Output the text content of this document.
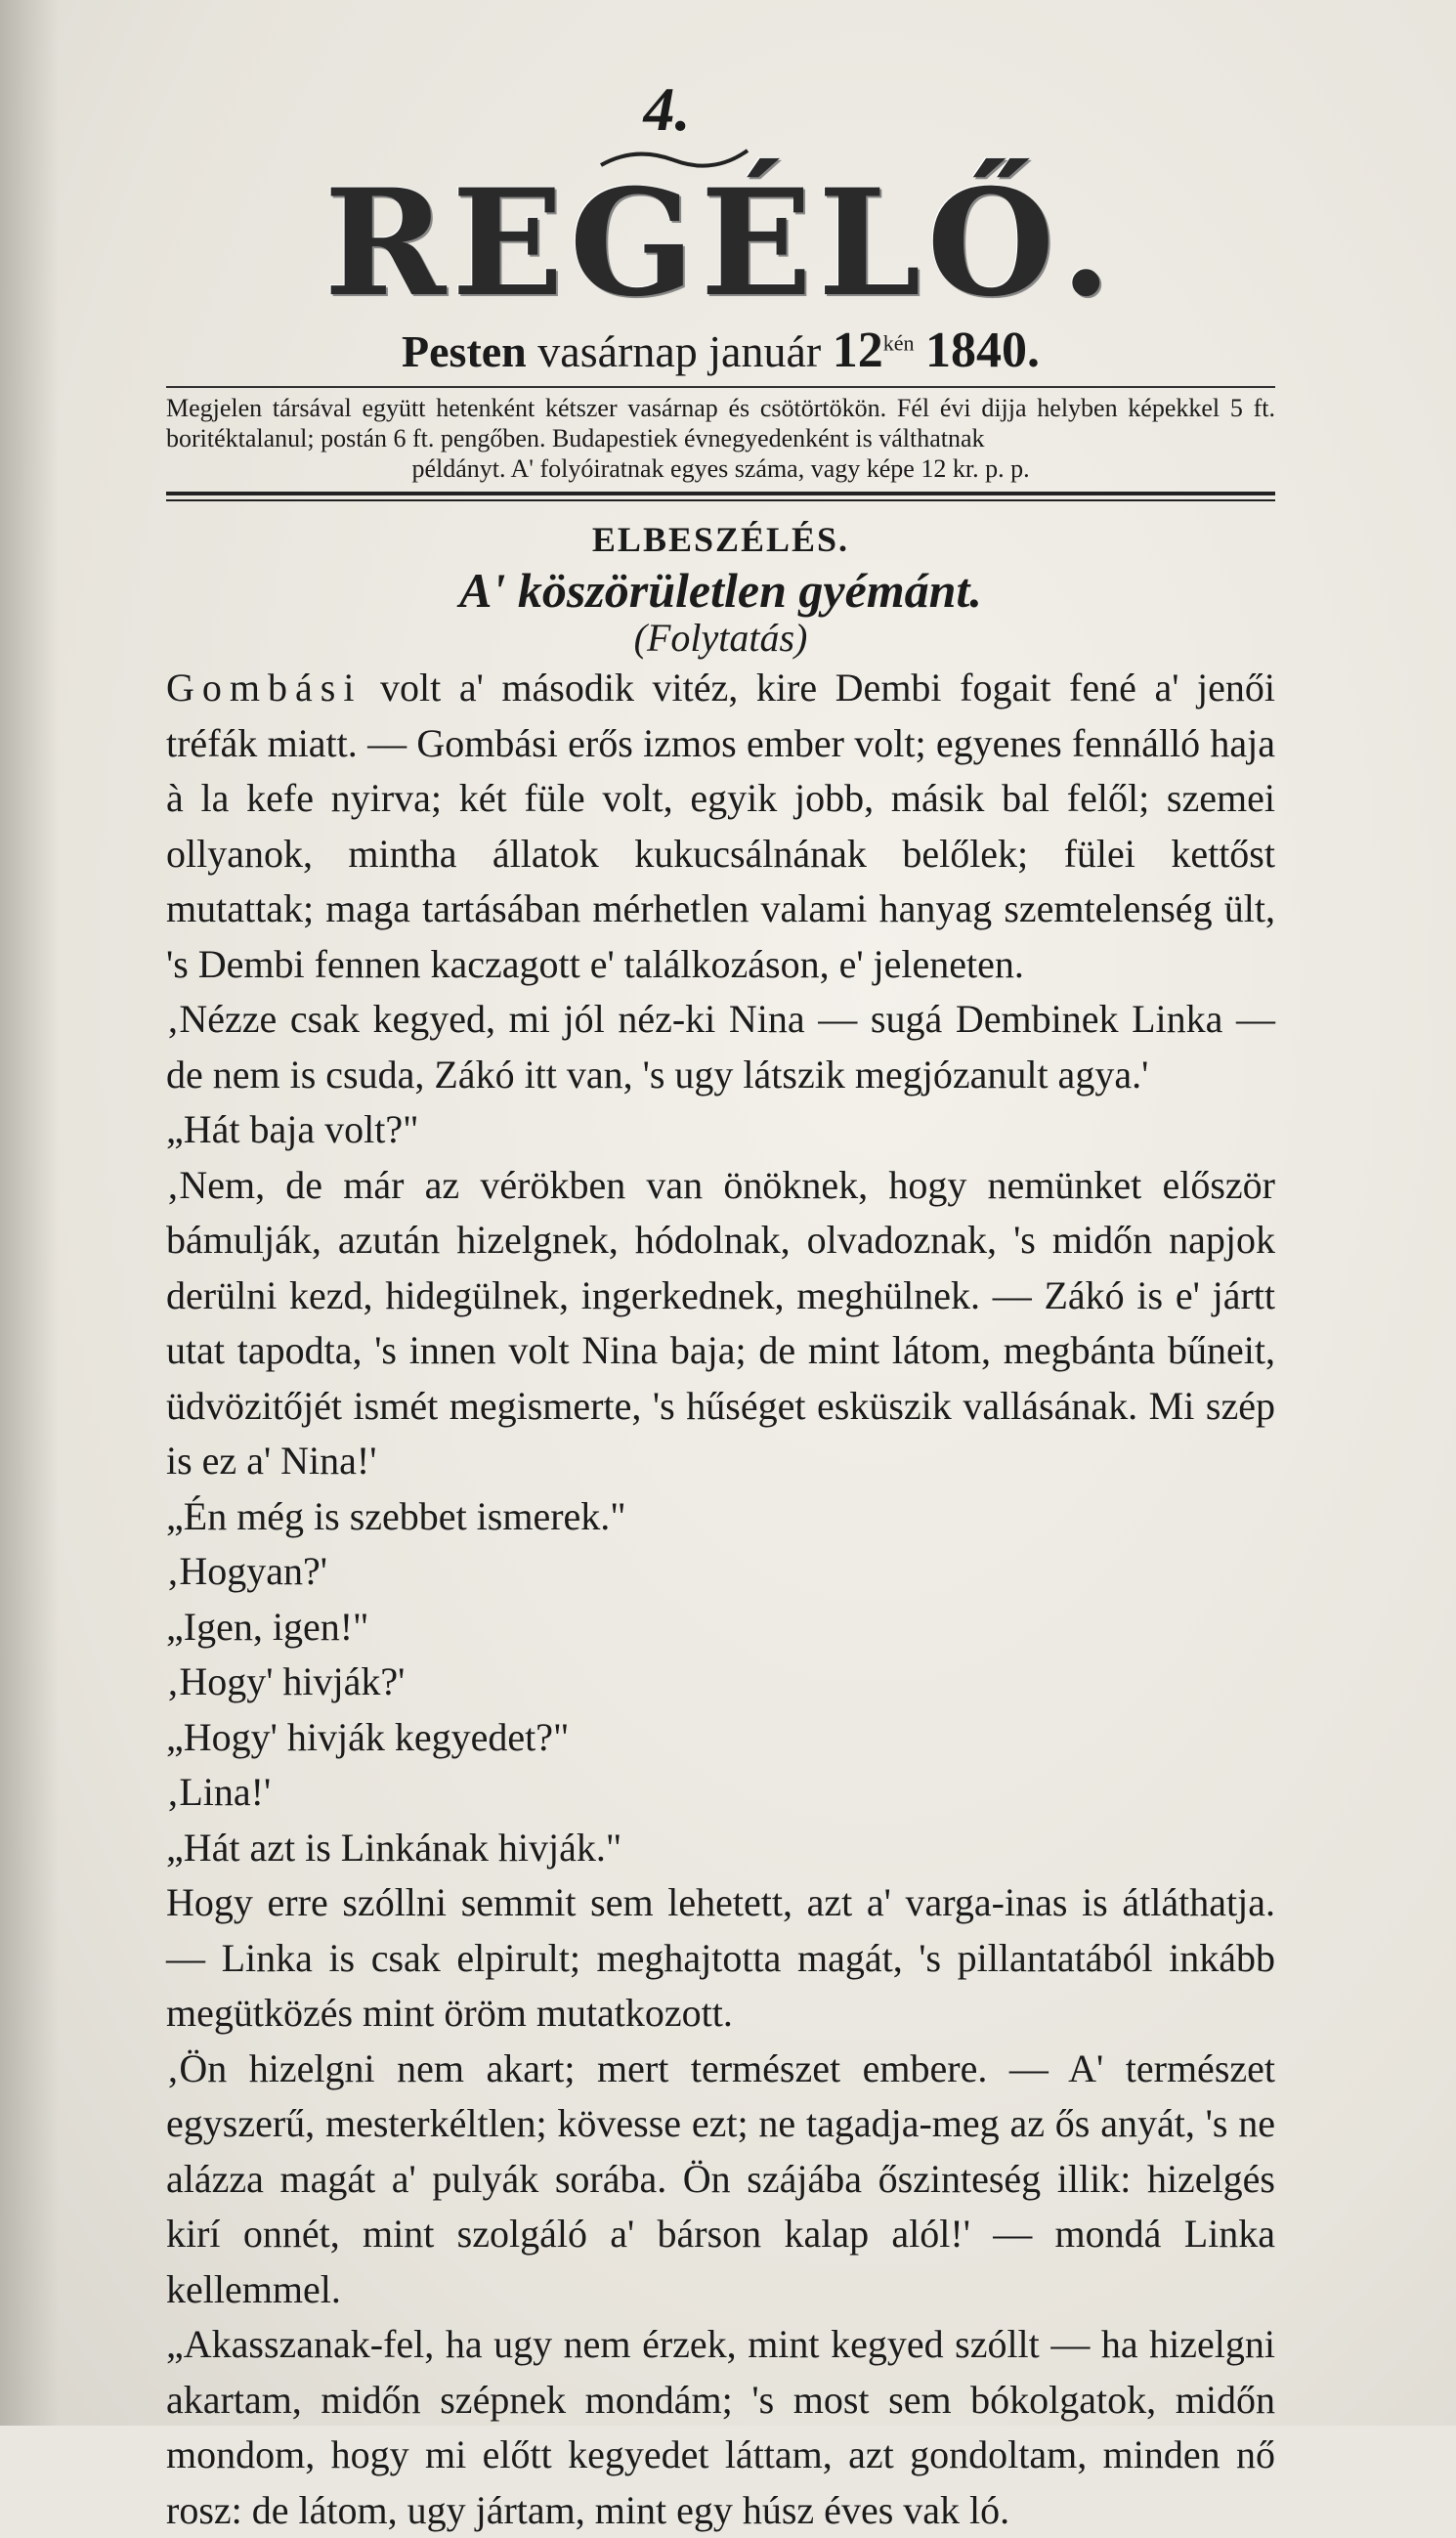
4.
REGÉLŐ.
Pesten vasárnap január $12^{kén}$ 1840.
Megjelen társával együtt hetenként kétszer vasárnap és csötörtökön. Fél évi dijja helyben képekkel 5 ft. boritéktalanul; postán 6 ft. pengőben. Budapestiek évnegyedenként is válthatnak
példányt. A' folyóiratnak egyes száma, vagy képe 12 kr. p. p.
ELBESZÉLÉS.
A' köszörületlen gyémánt.
(Folytatás)

Gombási volt a' második vitéz, kire Dembi fogait fené a' jenői tréfák miatt. — Gombási erős izmos ember volt; egyenes fennálló haja à la kefe nyirva; két füle volt, egyik jobb, másik bal felől; szemei ollyanok, mintha állatok kukucsálnának belőlek; fülei kettőst mutattak; maga tartásában mérhetlen valami hanyag szemtelenség ült, 's Dembi fennen kaczagott e' találkozáson, e' jeleneten.

‚Nézze csak kegyed, mi jól néz-ki Nina — sugá Dembinek Linka — de nem is csuda, Zákó itt van, 's ugy látszik megjózanult agya.'

„Hát baja volt?"

‚Nem, de már az vérökben van önöknek, hogy nemünket először bámulják, azután hizelgnek, hódolnak, olvadoznak, 's midőn napjok derülni kezd, hidegülnek, ingerkednek, meghülnek. — Zákó is e' jártt utat tapodta, 's innen volt Nina baja; de mint látom, megbánta bűneit, üdvözitőjét ismét megismerte, 's hűséget esküszik vallásának. Mi szép is ez a' Nina!'

„Én még is szebbet ismerek."

‚Hogyan?'

„Igen, igen!"

‚Hogy' hivják?'

„Hogy' hivják kegyedet?"

‚Lina!'

„Hát azt is Linkának hivják."

Hogy erre szóllni semmit sem lehetett, azt a' varga-inas is átláthatja. — Linka is csak elpirult; meghajtotta magát, 's pillantatából inkább megütközés mint öröm mutatkozott.

‚Ön hizelgni nem akart; mert természet embere. — A' természet egyszerű, mesterkéltlen; kövesse ezt; ne tagadja-meg az ős anyát, 's ne alázza magát a' pulyák sorába. Ön szájába őszinteség illik: hizelgés kirí onnét, mint szolgáló a' bárson kalap alól!' — mondá Linka kellemmel.

„Akasszanak-fel, ha ugy nem érzek, mint kegyed szóllt — ha hizelgni akartam, midőn szépnek mondám; 's most sem bókolgatok, midőn mondom, hogy mi előtt kegyedet láttam, azt gondoltam, minden nő rosz: de látom, ugy jártam, mint egy húsz éves vak ló.
